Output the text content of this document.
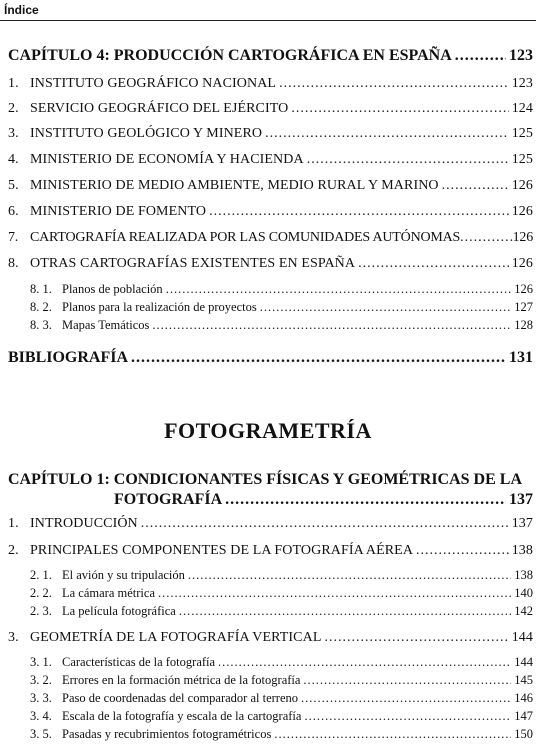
Índice
CAPÍTULO 4: PRODUCCIÓN CARTOGRÁFICA EN ESPAÑA .....	123
1. INSTITUTO GEOGRÁFICO NACIONAL .....	123
2. SERVICIO GEOGRÁFICO DEL EJÉRCITO .....	124
3. INSTITUTO GEOLÓGICO Y MINERO .....	125
4. MINISTERIO DE ECONOMÍA Y HACIENDA .....	125
5. MINISTERIO DE MEDIO AMBIENTE, MEDIO RURAL Y MARINO .....	126
6. MINISTERIO DE FOMENTO .....	126
7. CARTOGRAFÍA REALIZADA POR LAS COMUNIDADES AUTÓNOMAS .....	126
8. OTRAS CARTOGRAFÍAS EXISTENTES EN ESPAÑA .....	126
8. 1. Planos de población .....	126
8. 2. Planos para la realización de proyectos .....	127
8. 3. Mapas Temáticos .....	128
BIBLIOGRAFÍA .....	131
FOTOGRAMETRÍA
CAPÍTULO 1: CONDICIONANTES FÍSICAS Y GEOMÉTRICAS DE LA
FOTOGRAFÍA .....	137
1. INTRODUCCIÓN .....	137
2. PRINCIPALES COMPONENTES DE LA FOTOGRAFÍA AÉREA .....	138
2. 1. El avión y su tripulación .....	138
2. 2. La cámara métrica .....	140
2. 3. La película fotográfica .....	142
3. GEOMETRÍA DE LA FOTOGRAFÍA VERTICAL .....	144
3. 1. Características de la fotografía .....	144
3. 2. Errores en la formación métrica de la fotografía .....	145
3. 3. Paso de coordenadas del comparador al terreno .....	146
3. 4. Escala de la fotografía y escala de la cartografía .....	147
3. 5. Pasadas y recubrimientos fotogramétricos .....	150
